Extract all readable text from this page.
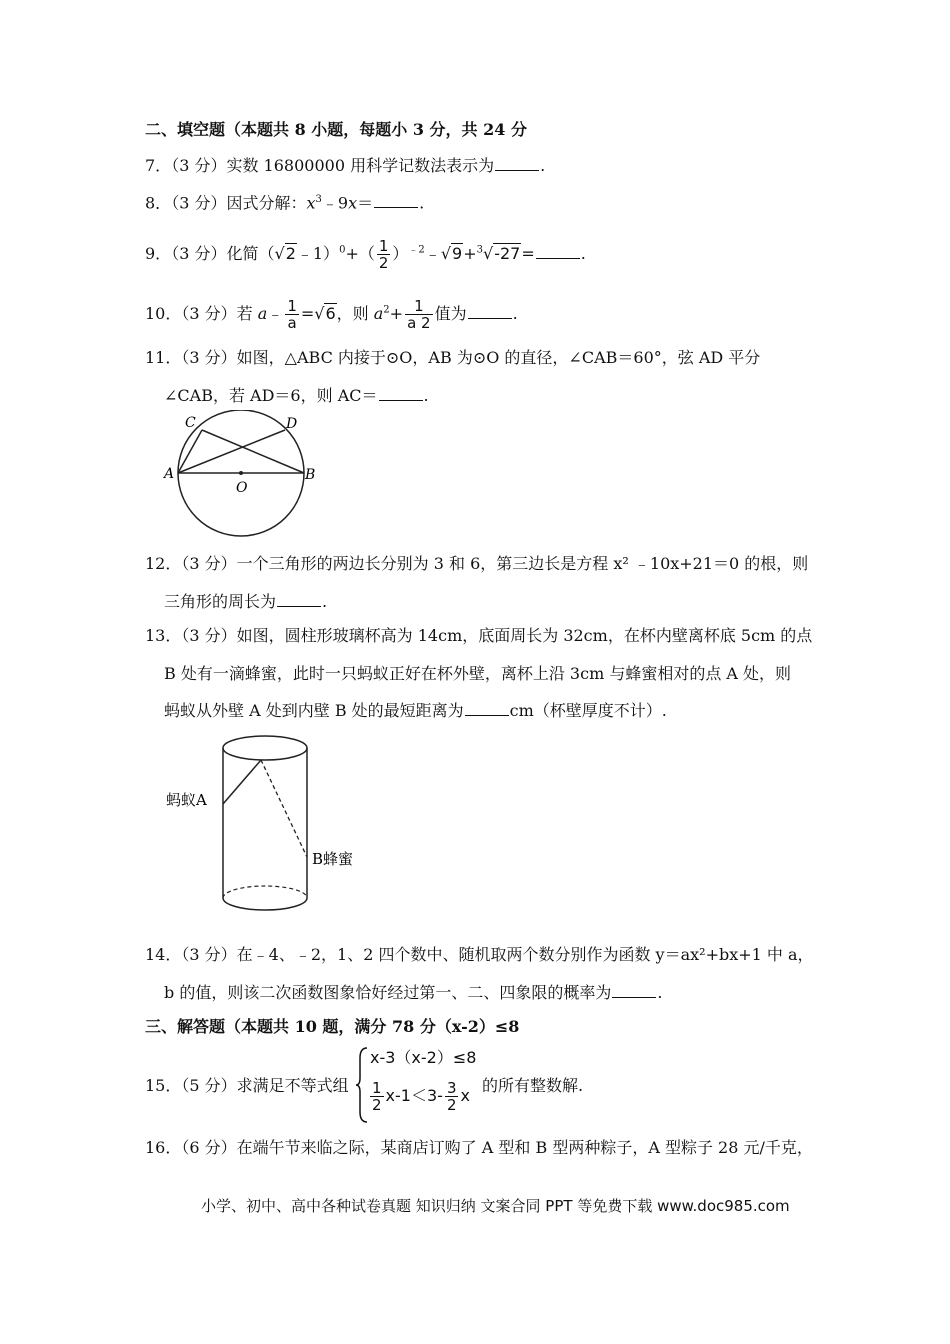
二、填空题（本题共 8 小题，每题小 3 分，共 24 分
7．（3 分）实数 16800000 用科学记数法表示为	.
8．（3 分）因式分解：$x^3﹣9x=$	.
9．（3 分）化简（√2﹣1）$^0$+（ $\frac{1}{2}$ ）$^{﹣2}$﹣√9+$^3$√-27=	.
10．（3 分）若 a﹣ $\frac{1}{a} =√6$，则 $a^2+ \frac{1}{a 2}$ 值为	.
11．（3 分）如图，△ABC 内接于⊙O，AB 为⊙O 的直径，∠CAB＝60°，弦 AD 平分
∠CAB，若 AD＝6，则 AC＝	.
C	D
A
O
B
12．（3 分）一个三角形的两边长分别为 3 和 6，第三边长是方程 x² ﹣10x+21＝0 的根，则
三角形的周长为	.
13．（3 分）如图，圆柱形玻璃杯高为 14cm，底面周长为 32cm，在杯内壁离杯底 5cm 的点
B 处有一滴蜂蜜，此时一只蚂蚁正好在杯外壁，离杯上沿 3cm 与蜂蜜相对的点 A 处，则
蚂蚁从外壁 A 处到内壁 B 处的最短距离为	cm（杯壁厚度不计）.
蚂蚁A
B蜂蜜
14．（3 分）在﹣4、﹣2，1、2 四个数中、随机取两个数分别作为函数 y＝ax²+bx+1 中 a，
b 的值，则该二次函数图象恰好经过第一、二、四象限的概率为	.
三、解答题（本题共 10 题，满分 78 分（x-2）≤8
15．（5 分）求满足不等式组
x-3（x-2）≤8
$\frac{1}{2} x-1<3- \frac{3}{2}$ x
的所有整数解.
16．（6 分）在端午节来临之际，某商店订购了 A 型和 B 型两种粽子，A 型粽子 28 元/千克，
小学、初中、高中各种试卷真题 知识归纳 文案合同 PPT 等免费下载 www.doc985.com
